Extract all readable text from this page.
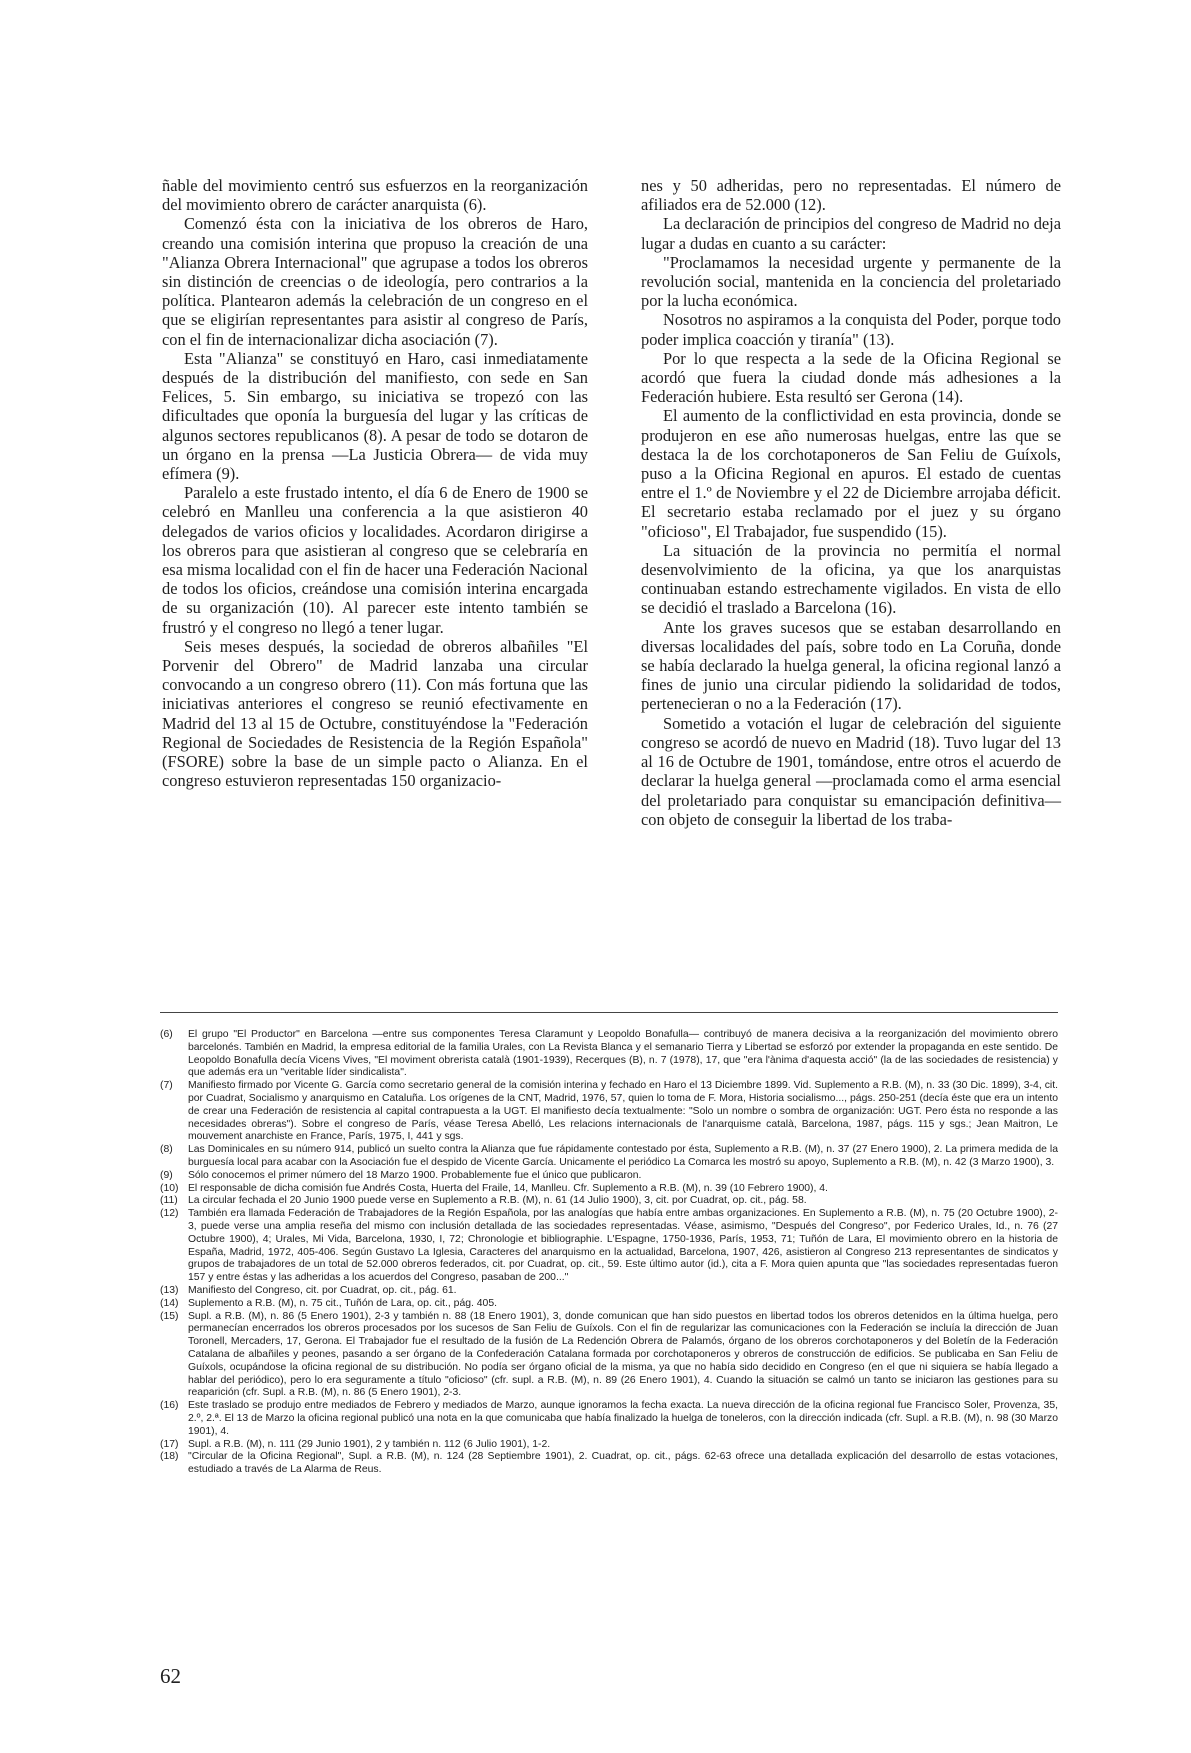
ñable del movimiento centró sus esfuerzos en la reorganización del movimiento obrero de carácter anarquista (6).

Comenzó ésta con la iniciativa de los obreros de Haro, creando una comisión interina que propuso la creación de una "Alianza Obrera Internacional" que agrupase a todos los obreros sin distinción de creencias o de ideología, pero contrarios a la política. Plantearon además la celebración de un congreso en el que se eligirían representantes para asistir al congreso de París, con el fin de internacionalizar dicha asociación (7).

Esta "Alianza" se constituyó en Haro, casi inmediatamente después de la distribución del manifiesto, con sede en San Felices, 5. Sin embargo, su iniciativa se tropezó con las dificultades que oponía la burguesía del lugar y las críticas de algunos sectores republicanos (8). A pesar de todo se dotaron de un órgano en la prensa —La Justicia Obrera— de vida muy efímera (9).

Paralelo a este frustado intento, el día 6 de Enero de 1900 se celebró en Manlleu una conferencia a la que asistieron 40 delegados de varios oficios y localidades. Acordaron dirigirse a los obreros para que asistieran al congreso que se celebraría en esa misma localidad con el fin de hacer una Federación Nacional de todos los oficios, creándose una comisión interina encargada de su organización (10). Al parecer este intento también se frustró y el congreso no llegó a tener lugar.

Seis meses después, la sociedad de obreros albañiles "El Porvenir del Obrero" de Madrid lanzaba una circular convocando a un congreso obrero (11). Con más fortuna que las iniciativas anteriores el congreso se reunió efectivamente en Madrid del 13 al 15 de Octubre, constituyéndose la "Federación Regional de Sociedades de Resistencia de la Región Española" (FSORE) sobre la base de un simple pacto o Alianza. En el congreso estuvieron representadas 150 organizacio-

nes y 50 adheridas, pero no representadas. El número de afiliados era de 52.000 (12).

La declaración de principios del congreso de Madrid no deja lugar a dudas en cuanto a su carácter:

"Proclamamos la necesidad urgente y permanente de la revolución social, mantenida en la conciencia del proletariado por la lucha económica.

Nosotros no aspiramos a la conquista del Poder, porque todo poder implica coacción y tiranía" (13).

Por lo que respecta a la sede de la Oficina Regional se acordó que fuera la ciudad donde más adhesiones a la Federación hubiere. Esta resultó ser Gerona (14).

El aumento de la conflictividad en esta provincia, donde se produjeron en ese año numerosas huelgas, entre las que se destaca la de los corchotaponeros de San Feliu de Guíxols, puso a la Oficina Regional en apuros. El estado de cuentas entre el 1.º de Noviembre y el 22 de Diciembre arrojaba déficit. El secretario estaba reclamado por el juez y su órgano "oficioso", El Trabajador, fue suspendido (15).

La situación de la provincia no permitía el normal desenvolvimiento de la oficina, ya que los anarquistas continuaban estando estrechamente vigilados. En vista de ello se decidió el traslado a Barcelona (16).

Ante los graves sucesos que se estaban desarrollando en diversas localidades del país, sobre todo en La Coruña, donde se había declarado la huelga general, la oficina regional lanzó a fines de junio una circular pidiendo la solidaridad de todos, pertenecieran o no a la Federación (17).

Sometido a votación el lugar de celebración del siguiente congreso se acordó de nuevo en Madrid (18). Tuvo lugar del 13 al 16 de Octubre de 1901, tomándose, entre otros el acuerdo de declarar la huelga general —proclamada como el arma esencial del proletariado para conquistar su emancipación definitiva— con objeto de conseguir la libertad de los traba-

(6)	El grupo "El Productor" en Barcelona —entre sus componentes Teresa Claramunt y Leopoldo Bonafulla— contribuyó de manera decisiva a la reorganización del movimiento obrero barcelonés. También en Madrid, la empresa editorial de la familia Urales, con La Revista Blanca y el semanario Tierra y Libertad se esforzó por extender la propaganda en este sentido. De Leopoldo Bonafulla decía Vicens Vives, "El moviment obrerista català (1901-1939), Recerques (B), n. 7 (1978), 17, que "era l'ànima d'aquesta acció" (la de las sociedades de resistencia) y que además era un "veritable líder sindicalista".
(7)	Manifiesto firmado por Vicente G. García como secretario general de la comisión interina y fechado en Haro el 13 Diciembre 1899. Vid. Suplemento a R.B. (M), n. 33 (30 Dic. 1899), 3-4, cit. por Cuadrat, Socialismo y anarquismo en Cataluña. Los orígenes de la CNT, Madrid, 1976, 57, quien lo toma de F. Mora, Historia socialismo..., págs. 250-251 (decía éste que era un intento de crear una Federación de resistencia al capital contrapuesta a la UGT. El manifiesto decía textualmente: "Solo un nombre o sombra de organización: UGT. Pero ésta no responde a las necesidades obreras"). Sobre el congreso de París, véase Teresa Abelló, Les relacions internacionals de l'anarquisme català, Barcelona, 1987, págs. 115 y sgs.; Jean Maitron, Le mouvement anarchiste en France, París, 1975, I, 441 y sgs.
(8)	Las Dominicales en su número 914, publicó un suelto contra la Alianza que fue rápidamente contestado por ésta, Suplemento a R.B. (M), n. 37 (27 Enero 1900), 2. La primera medida de la burguesía local para acabar con la Asociación fue el despido de Vicente García. Unicamente el periódico La Comarca les mostró su apoyo, Suplemento a R.B. (M), n. 42 (3 Marzo 1900), 3.
(9)	Sólo conocemos el primer número del 18 Marzo 1900. Probablemente fue el único que publicaron.
(10) El responsable de dicha comisión fue Andrés Costa, Huerta del Fraile, 14, Manlleu. Cfr. Suplemento a R.B. (M), n. 39 (10 Febrero 1900), 4.
(11) La circular fechada el 20 Junio 1900 puede verse en Suplemento a R.B. (M), n. 61 (14 Julio 1900), 3, cit. por Cuadrat, op. cit., pág. 58.
(12) También era llamada Federación de Trabajadores de la Región Española, por las analogías que había entre ambas organizaciones. En Suplemento a R.B. (M), n. 75 (20 Octubre 1900), 2-3, puede verse una amplia reseña del mismo con inclusión detallada de las sociedades representadas. Véase, asimismo, "Después del Congreso", por Federico Urales, Id., n. 76 (27 Octubre 1900), 4; Urales, Mi Vida, Barcelona, 1930, I, 72; Chronologie et bibliographie. L'Espagne, 1750-1936, París, 1953, 71; Tuñón de Lara, El movimiento obrero en la historia de España, Madrid, 1972, 405-406. Según Gustavo La Iglesia, Caracteres del anarquismo en la actualidad, Barcelona, 1907, 426, asistieron al Congreso 213 representantes de sindicatos y grupos de trabajadores de un total de 52.000 obreros federados, cit. por Cuadrat, op. cit., 59. Este último autor (id.), cita a F. Mora quien apunta que "las sociedades representadas fueron 157 y entre éstas y las adheridas a los acuerdos del Congreso, pasaban de 200..."
(13) Manifiesto del Congreso, cit. por Cuadrat, op. cit., pág. 61.
(14) Suplemento a R.B. (M), n. 75 cit., Tuñón de Lara, op. cit., pág. 405.
(15) Supl. a R.B. (M), n. 86 (5 Enero 1901), 2-3 y también n. 88 (18 Enero 1901), 3, donde comunican que han sido puestos en libertad todos los obreros detenidos en la última huelga, pero permanecían encerrados los obreros procesados por los sucesos de San Feliu de Guíxols. Con el fin de regularizar las comunicaciones con la Federación se incluía la dirección de Juan Toronell, Mercaders, 17, Gerona. El Trabajador fue el resultado de la fusión de La Redención Obrera de Palamós, órgano de los obreros corchotaponeros y del Boletín de la Federación Catalana de albañiles y peones, pasando a ser órgano de la Confederación Catalana formada por corchotaponeros y obreros de construcción de edificios. Se publicaba en San Feliu de Guíxols, ocupándose la oficina regional de su distribución. No podía ser órgano oficial de la misma, ya que no había sido decidido en Congreso (en el que ni siquiera se había llegado a hablar del periódico), pero lo era seguramente a título "oficioso" (cfr. supl. a R.B. (M), n. 89 (26 Enero 1901), 4. Cuando la situación se calmó un tanto se iniciaron las gestiones para su reaparición (cfr. Supl. a R.B. (M), n. 86 (5 Enero 1901), 2-3.
(16) Este traslado se produjo entre mediados de Febrero y mediados de Marzo, aunque ignoramos la fecha exacta. La nueva dirección de la oficina regional fue Francisco Soler, Provenza, 35, 2.º, 2.ª. El 13 de Marzo la oficina regional publicó una nota en la que comunicaba que había finalizado la huelga de toneleros, con la dirección indicada (cfr. Supl. a R.B. (M), n. 98 (30 Marzo 1901), 4.
(17) Supl. a R.B. (M), n. 111 (29 Junio 1901), 2 y también n. 112 (6 Julio 1901), 1-2.
(18) "Circular de la Oficina Regional", Supl. a R.B. (M), n. 124 (28 Septiembre 1901), 2. Cuadrat, op. cit., págs. 62-63 ofrece una detallada explicación del desarrollo de estas votaciones, estudiado a través de La Alarma de Reus.
62
